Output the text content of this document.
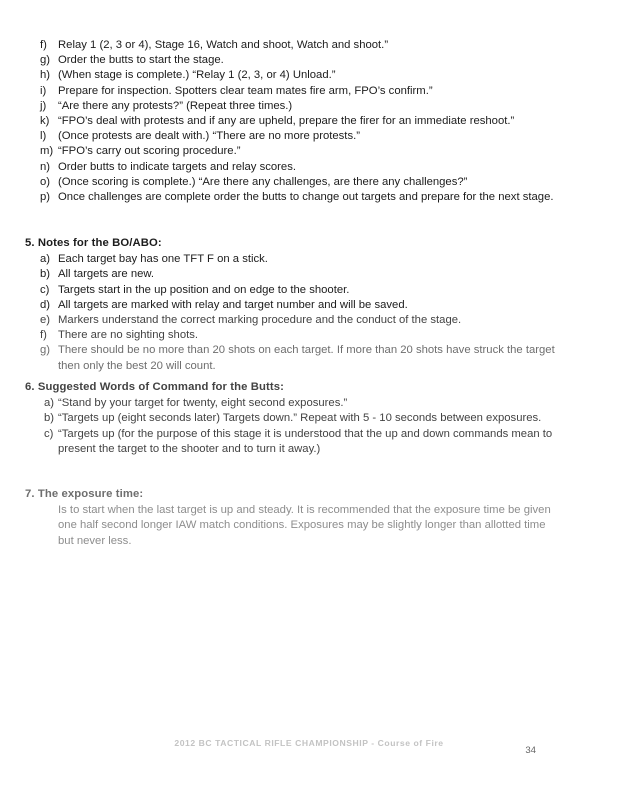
f) Relay 1 (2, 3 or 4), Stage 16, Watch and shoot, Watch and shoot.”
g) Order the butts to start the stage.
h) (When stage is complete.) “Relay 1 (2, 3, or 4) Unload.”
i)	Prepare for inspection. Spotters clear team mates fire arm, FPO’s confirm.”
j)	“Are there any protests?” (Repeat three times.)
k) “FPO’s deal with protests and if any are upheld, prepare the firer for an immediate reshoot.”
l)	(Once protests are dealt with.) “There are no more protests.”
m) “FPO’s carry out scoring procedure.”
n) Order butts to indicate targets and relay scores.
o) (Once scoring is complete.) “Are there any challenges, are there any challenges?”
p) Once challenges are complete order the butts to change out targets and prepare for the next stage.
5. Notes for the BO/ABO:
a) Each target bay has one TFT F on a stick.
b) All targets are new.
c) Targets start in the up position and on edge to the shooter.
d) All targets are marked with relay and target number and will be saved.
e) Markers understand the correct marking procedure and the conduct of the stage.
f) There are no sighting shots.
g) There should be no more than 20 shots on each target. If more than 20 shots have struck the target then only the best 20 will count.
6. Suggested Words of Command for the Butts:
a) “Stand by your target for twenty, eight second exposures.”
b) “Targets up (eight seconds later) Targets down.” Repeat with 5 - 10 seconds between exposures.
c) “Targets up (for the purpose of this stage it is understood that the up and down commands mean to present the target to the shooter and to turn it away.)
7. The exposure time:

Is to start when the last target is up and steady. It is recommended that the exposure time be given one half second longer IAW match conditions. Exposures may be slightly longer than allotted time but never less.

2012 BC TACTICAL RIFLE CHAMPIONSHIP - Course of Fire
34
